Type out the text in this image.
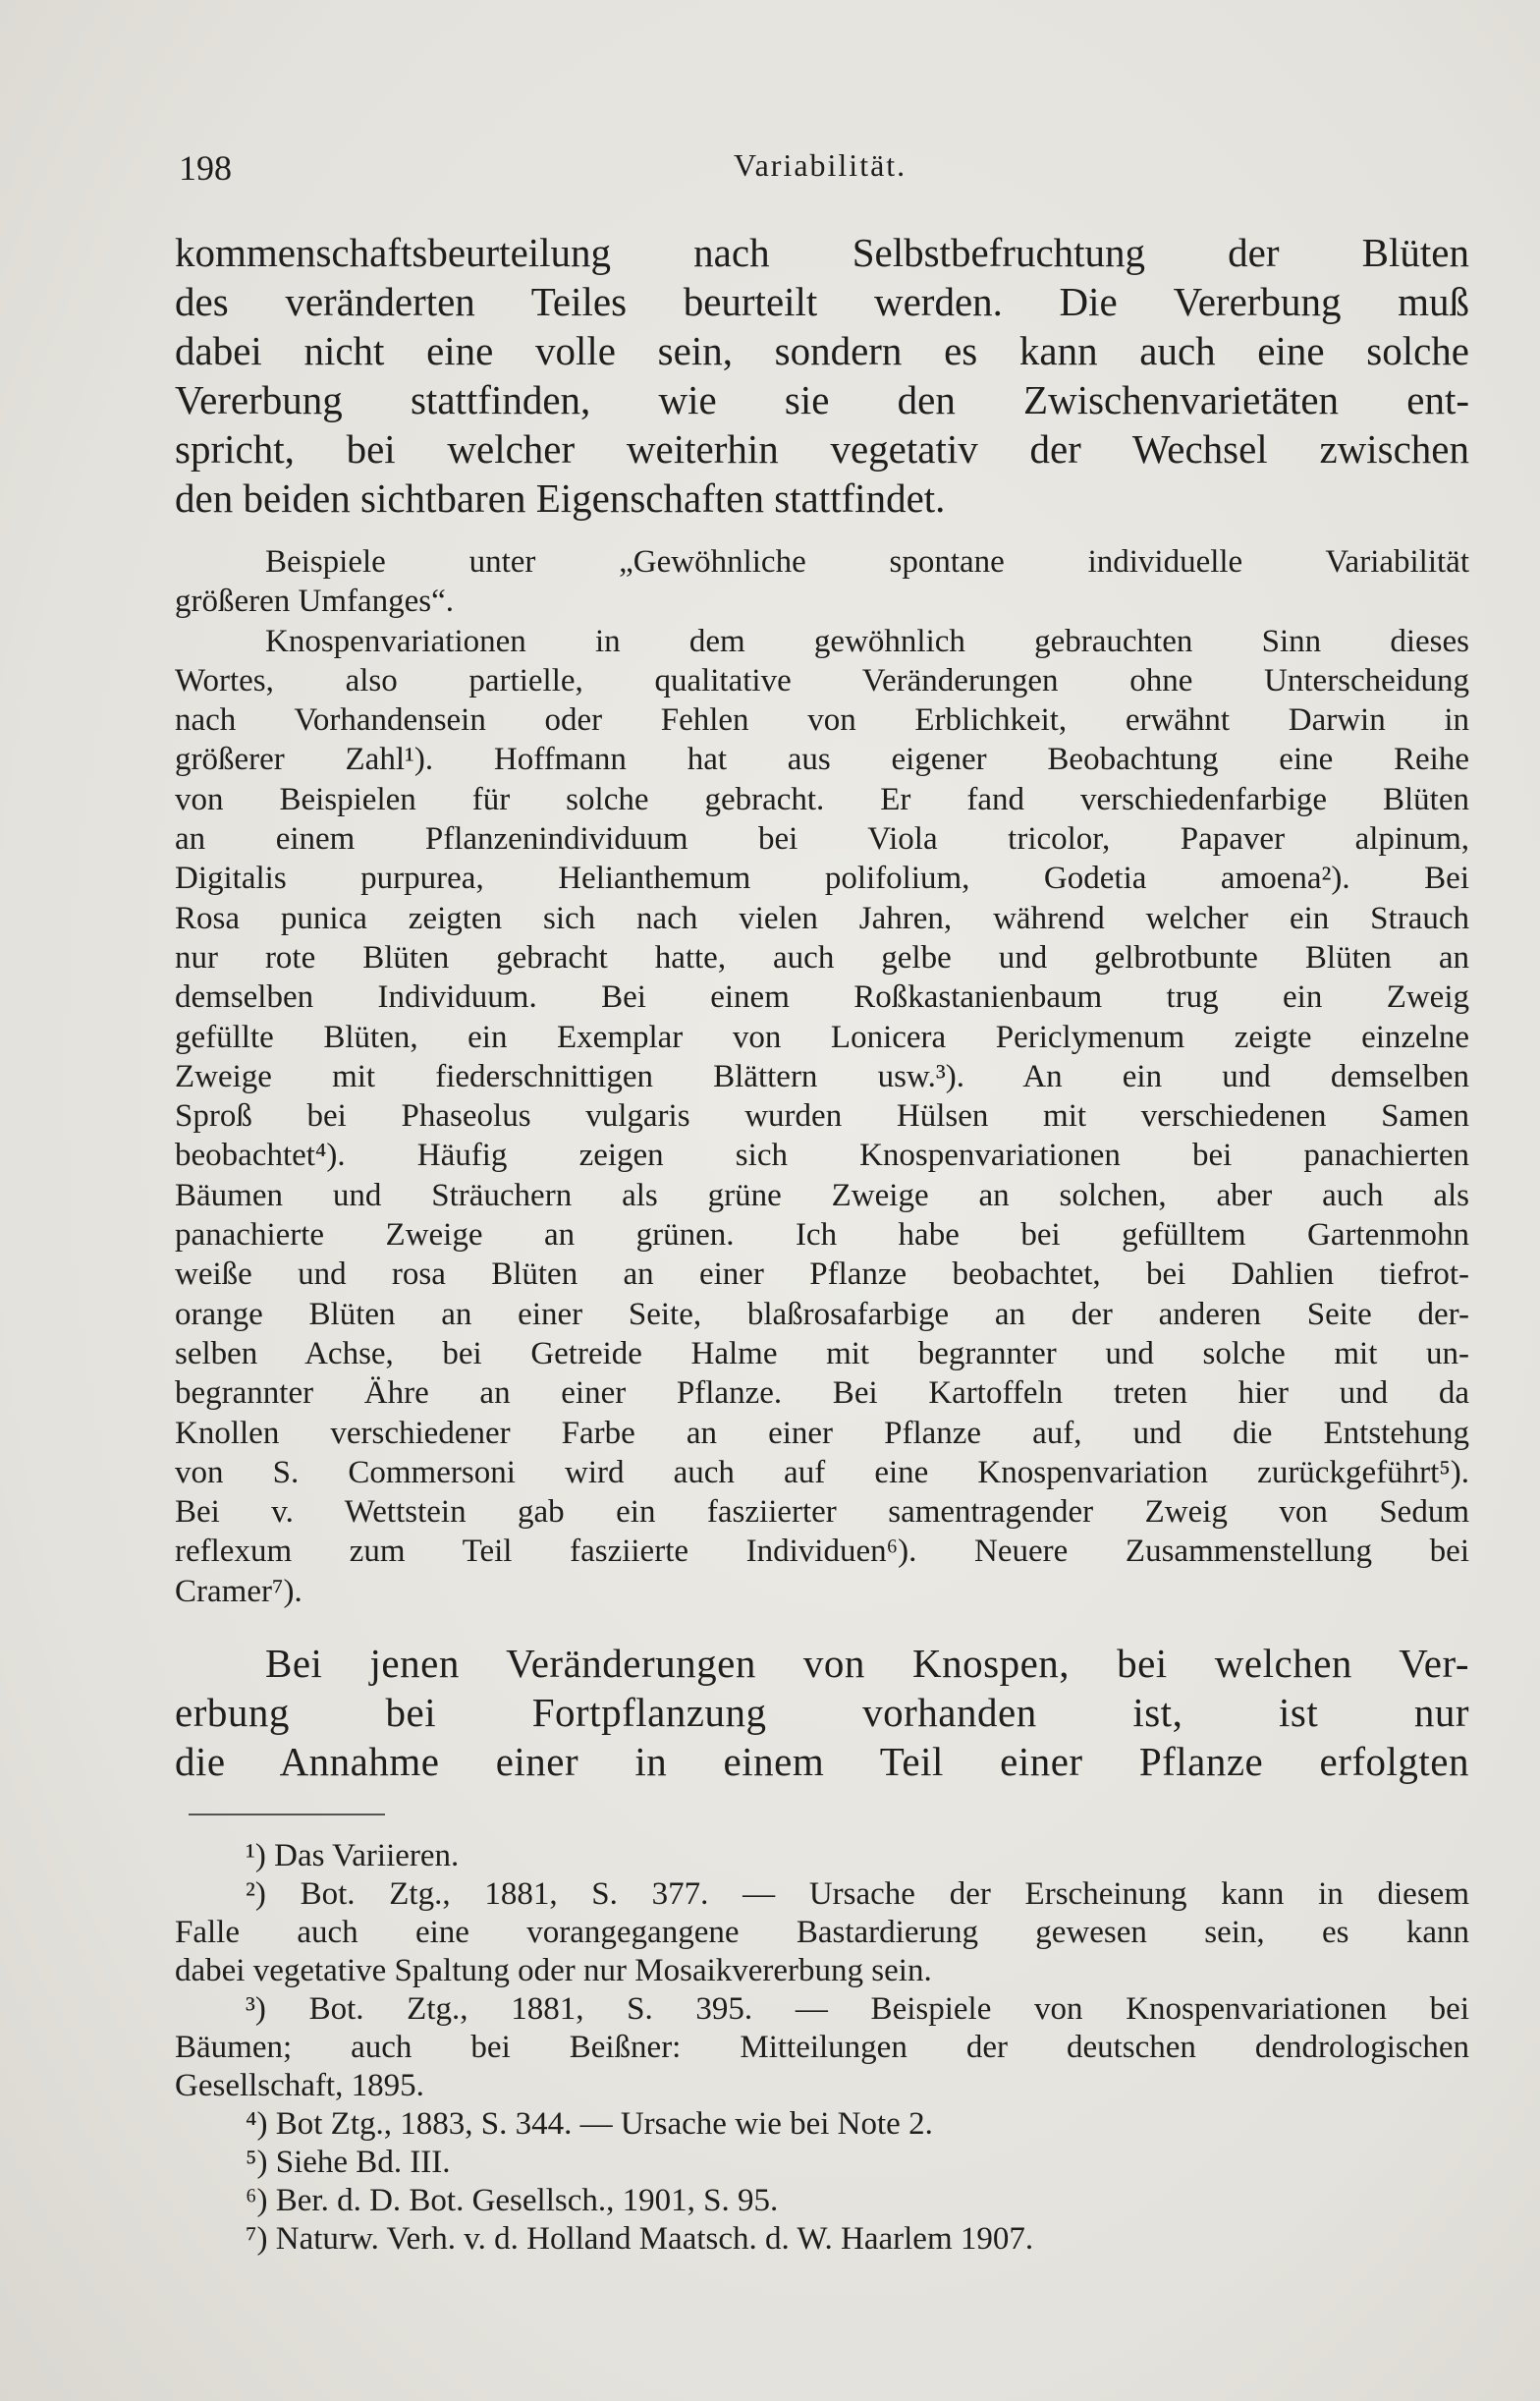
198	Variabilität.
kommenschaftsbeurteilung nach Selbstbefruchtung der Blüten
des veränderten Teiles beurteilt werden. Die Vererbung muß
dabei nicht eine volle sein, sondern es kann auch eine solche
Vererbung stattfinden, wie sie den Zwischenvarietäten ent-
spricht, bei welcher weiterhin vegetativ der Wechsel zwischen
den beiden sichtbaren Eigenschaften stattfindet.
Beispiele unter „Gewöhnliche spontane individuelle Variabilität
größeren Umfanges“.
Knospenvariationen in dem gewöhnlich gebrauchten Sinn dieses
Wortes, also partielle, qualitative Veränderungen ohne Unterscheidung
nach Vorhandensein oder Fehlen von Erblichkeit, erwähnt Darwin in
größerer Zahl¹). Hoffmann hat aus eigener Beobachtung eine Reihe
von Beispielen für solche gebracht. Er fand verschiedenfarbige Blüten
an einem Pflanzenindividuum bei Viola tricolor, Papaver alpinum,
Digitalis purpurea, Helianthemum polifolium, Godetia amoena²). Bei
Rosa punica zeigten sich nach vielen Jahren, während welcher ein Strauch
nur rote Blüten gebracht hatte, auch gelbe und gelbrotbunte Blüten an
demselben Individuum. Bei einem Roßkastanienbaum trug ein Zweig
gefüllte Blüten, ein Exemplar von Lonicera Periclymenum zeigte einzelne
Zweige mit fiederschnittigen Blättern usw.³). An ein und demselben
Sproß bei Phaseolus vulgaris wurden Hülsen mit verschiedenen Samen
beobachtet⁴). Häufig zeigen sich Knospenvariationen bei panachierten
Bäumen und Sträuchern als grüne Zweige an solchen, aber auch als
panachierte Zweige an grünen. Ich habe bei gefülltem Gartenmohn
weiße und rosa Blüten an einer Pflanze beobachtet, bei Dahlien tiefrot-
orange Blüten an einer Seite, blaßrosafarbige an der anderen Seite der-
selben Achse, bei Getreide Halme mit begrannter und solche mit un-
begrannter Ähre an einer Pflanze. Bei Kartoffeln treten hier und da
Knollen verschiedener Farbe an einer Pflanze auf, und die Entstehung
von S. Commersoni wird auch auf eine Knospenvariation zurückgeführt⁵).
Bei v. Wettstein gab ein fasziierter samentragender Zweig von Sedum
reflexum zum Teil fasziierte Individuen⁶). Neuere Zusammenstellung bei
Cramer⁷).
Bei jenen Veränderungen von Knospen, bei welchen Ver-
erbung bei Fortpflanzung vorhanden ist, ist nur
die Annahme einer in einem Teil einer Pflanze erfolgten
¹) Das Variieren.
²) Bot. Ztg., 1881, S. 377. — Ursache der Erscheinung kann in diesem
Falle auch eine vorangegangene Bastardierung gewesen sein, es kann
dabei vegetative Spaltung oder nur Mosaikvererbung sein.
³) Bot. Ztg., 1881, S. 395. — Beispiele von Knospenvariationen bei
Bäumen; auch bei Beißner: Mitteilungen der deutschen dendrologischen
Gesellschaft, 1895.
⁴) Bot Ztg., 1883, S. 344. — Ursache wie bei Note 2.
⁵) Siehe Bd. III.
⁶) Ber. d. D. Bot. Gesellsch., 1901, S. 95.
⁷) Naturw. Verh. v. d. Holland Maatsch. d. W. Haarlem 1907.
